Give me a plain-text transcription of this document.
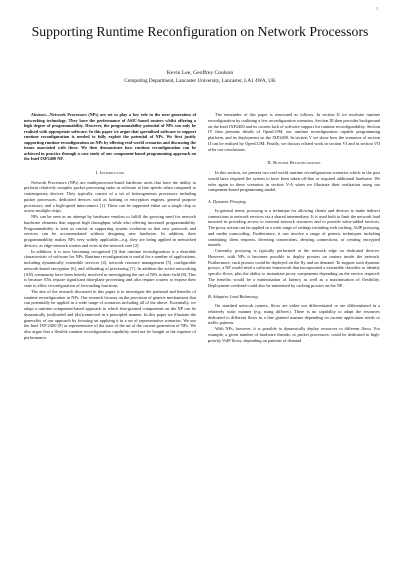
1
Supporting Runtime Reconfiguration on Network Processors
Kevin Lee, Geoffrey Coulson
Computing Department, Lancaster University, Lancaster, LA1 4WA, UK

Abstract—Network Processors (NPs) are set to play a key role in the next generation of networking technology. They have the performance of ASIC-based routers whilst offering a high degree of programmability. However, the programmability potential of NPs can only be realised with appropriate software. In this paper we argue that specialised software to support runtime reconfiguration is needed to fully exploit the potential of NPs. We first justify supporting runtime reconfiguration on NPs by offering real-world scenarios and discussing the issues associated with these. We then demonstrate how runtime reconfiguration can be achieved in practice through a case study of our component-based programming approach on the Intel IXP2400 NP.

I. Introduction

Network Processors (NPs) are multiprocessor-based hardware units that have the ability to perform relatively complex packet processing tasks in software at line speeds when compared to contemporary devices. They typically consist of a set of heterogeneous processors including packet processors, dedicated devices such as hashing or encryption engines, general purpose processors, and a high-speed interconnect [1]. These can be supported either on a single chip or across multiple chips.

NPs can be seen as an attempt by hardware vendors to fulfill the growing need for network hardware elements that support high throughput while also offering increased programmability. Programmability is seen as crucial in supporting system evolution so that new protocols and services can be accommodated without designing new hardware. In addition, their programmability makes NPs very widely applicable—e.g. they are being applied in networked devices, as edge-network routers and even in the network core [2].

In addition, it is now becoming recognised [3] that runtime reconfiguration is a desirable characteristic of software for NPs. Runtime reconfiguration is useful for a number of applications, including dynamically extensible services [4], network resource management [5], configurable network-based encryption [6], and offloading of processing [7]. In addition the active networking (AN) community have been heavily involved in investigating the use of NPs in their field [8]. This is because ANs require significant data-plane processing and also require routers to expose their state to allow reconfiguration of forwarding functions.

The aim of the research discussed in this paper is to investigate the potential and benefits of runtime reconfiguration in NPs. Our research focuses on the provision of generic mechanisms that can potentially be applied in a wide range of scenarios including all of the above. Essentially, we adopt a runtime component-based approach in which fine-grained components on the NP can be dynamically (un)loaded and (dis)connected in a principled manner. In this paper we illustrate the generality of our approach by focusing on applying it in a set of representative scenarios. We use the Intel IXP 2400 [9] as representative of the state of the art of the current generation of NPs. We also argue that a flexible runtime reconfiguration capability need not be bought at the expense of performance.

The remainder of this paper is structured as follows. In section II we motivate runtime reconfiguration by outlining a few reconfiguration scenarios. Section III then provides background on the Intel IXP2400 and its current lack of software support for runtime reconfigurability. Section IV then presents details of OpenCOM, our runtime reconfiguration capable programming platform, and its deployment on the IXP2400. In section V we show how the scenarios of section II can be realised by OpenCOM. Finally, we discuss related work in section VI and in section VII offer our conclusions.

II. Runtime Reconfiguration

In this section, we present two real-world runtime reconfiguration scenarios which in the past would have required the system to have been taken off-line or required additional hardware. We refer again to these scenarios in section V-A when we illustrate their realisation using our component-based programming model.

A. Dynamic Proxying

In general terms, proxying is a technique for allowing clients and devices to make indirect connections to network services via a shared intermediary. It is used both to limit the network load incurred in providing access to external network resources and to provide value-added services. The proxy notion can be applied in a wide range of settings including web caching, VoIP proxying, and media transcoding. Furthermore, it can involve a range of generic techniques including combining client requests, diverting connections, denying connections, or creating encrypted tunnels.

Currently, proxying is typically performed at the network edge on dedicated devices. However, with NPs it becomes possible to deploy proxies on routers inside the network. Furthermore, such proxies could be deployed on the fly and on demand. To support such dynamic proxys, a NP would need a software framework that incorporated a extensible classifier to identify specific flows, plus the ability to instantiate proxy components depending on the service required. The benefits would be a minimisation of latency as well as a maximisation of flexibility. Deployment overhead could also be minimised by caching proxies on the NP.

B. Adaptive Load Balancing

On standard network routers, flows are either not differentiated or are differentiated in a relatively static manner (e.g. using diffserv). There is no capability to adapt the resources dedicated to different flows in a fine grained manner depending on current application needs or traffic patterns.

With NPs, however, it is possible to dynamically deploy resources to different flows. For example, a given number of hardware threads, or packet processors, could be dedicated to high-priority VoIP flows, depending on patterns of demand
